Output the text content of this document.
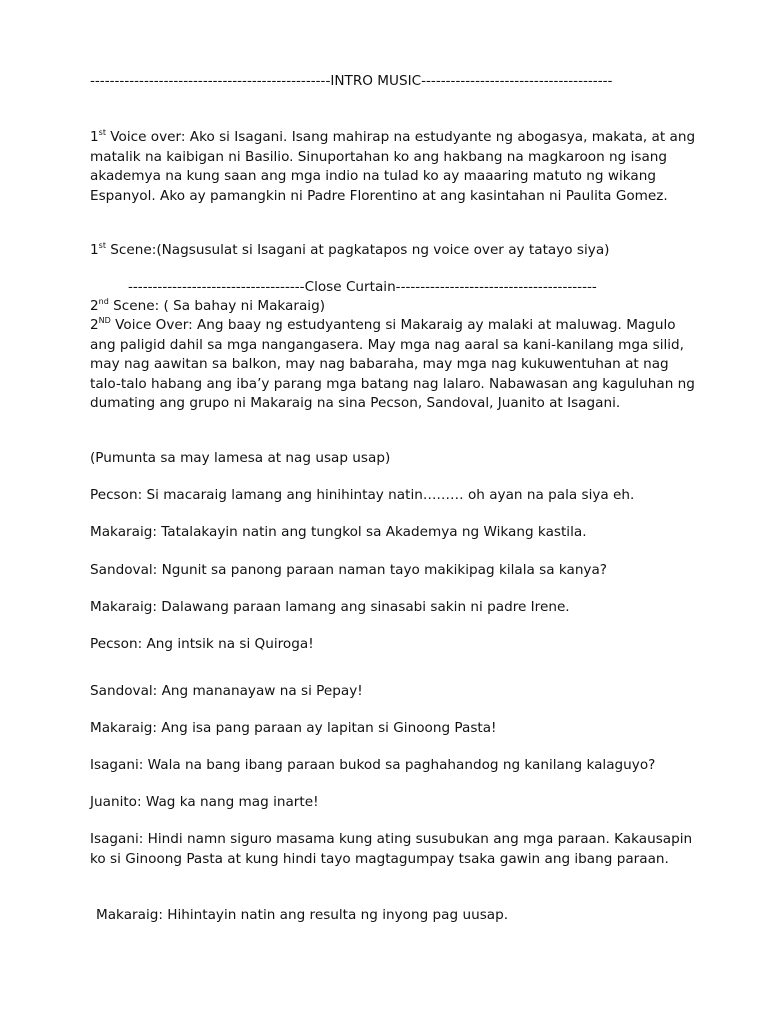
-------------------------------------------------INTRO MUSIC---------------------------------------
1st Voice over: Ako si Isagani. Isang mahirap na estudyante ng abogasya, makata, at ang matalik na kaibigan ni Basilio. Sinuportahan ko ang hakbang na magkaroon ng isang akademya na kung saan ang mga indio na tulad ko ay maaaring matuto ng wikang Espanyol. Ako ay pamangkin ni Padre Florentino at ang kasintahan ni Paulita Gomez.
1st Scene:(Nagsusulat si Isagani at pagkatapos ng voice over ay tatayo siya)
------------------------------------Close Curtain-----------------------------------------
2nd Scene: ( Sa bahay ni Makaraig)
2ND Voice Over: Ang baay ng estudyanteng si Makaraig ay malaki at maluwag. Magulo ang paligid dahil sa mga nangangasera. May mga nag aaral sa kani-kanilang mga silid, may nag aawitan sa balkon, may nag babaraha, may mga nag kukuwentuhan at nag talo-talo habang ang iba’y parang mga batang nag lalaro. Nabawasan ang kaguluhan ng dumating ang grupo ni Makaraig na sina Pecson, Sandoval, Juanito at Isagani.
(Pumunta sa may lamesa at nag usap usap)
Pecson: Si macaraig lamang ang hinihintay natin……… oh ayan na pala siya eh.
Makaraig: Tatalakayin natin ang tungkol sa Akademya ng Wikang kastila.
Sandoval: Ngunit sa panong paraan naman tayo makikipag kilala sa kanya?
Makaraig: Dalawang paraan lamang ang sinasabi sakin ni padre Irene.
Pecson: Ang intsik na si Quiroga!
Sandoval: Ang mananayaw na si Pepay!
Makaraig: Ang isa pang paraan ay lapitan si Ginoong Pasta!
Isagani: Wala na bang ibang paraan bukod sa paghahandog ng kanilang kalaguyo?
Juanito: Wag ka nang mag inarte!
Isagani: Hindi namn siguro masama kung ating susubukan ang mga paraan. Kakausapin ko si Ginoong Pasta at kung hindi tayo magtagumpay tsaka gawin ang ibang paraan.
Makaraig: Hihintayin natin ang resulta ng inyong pag uusap.
